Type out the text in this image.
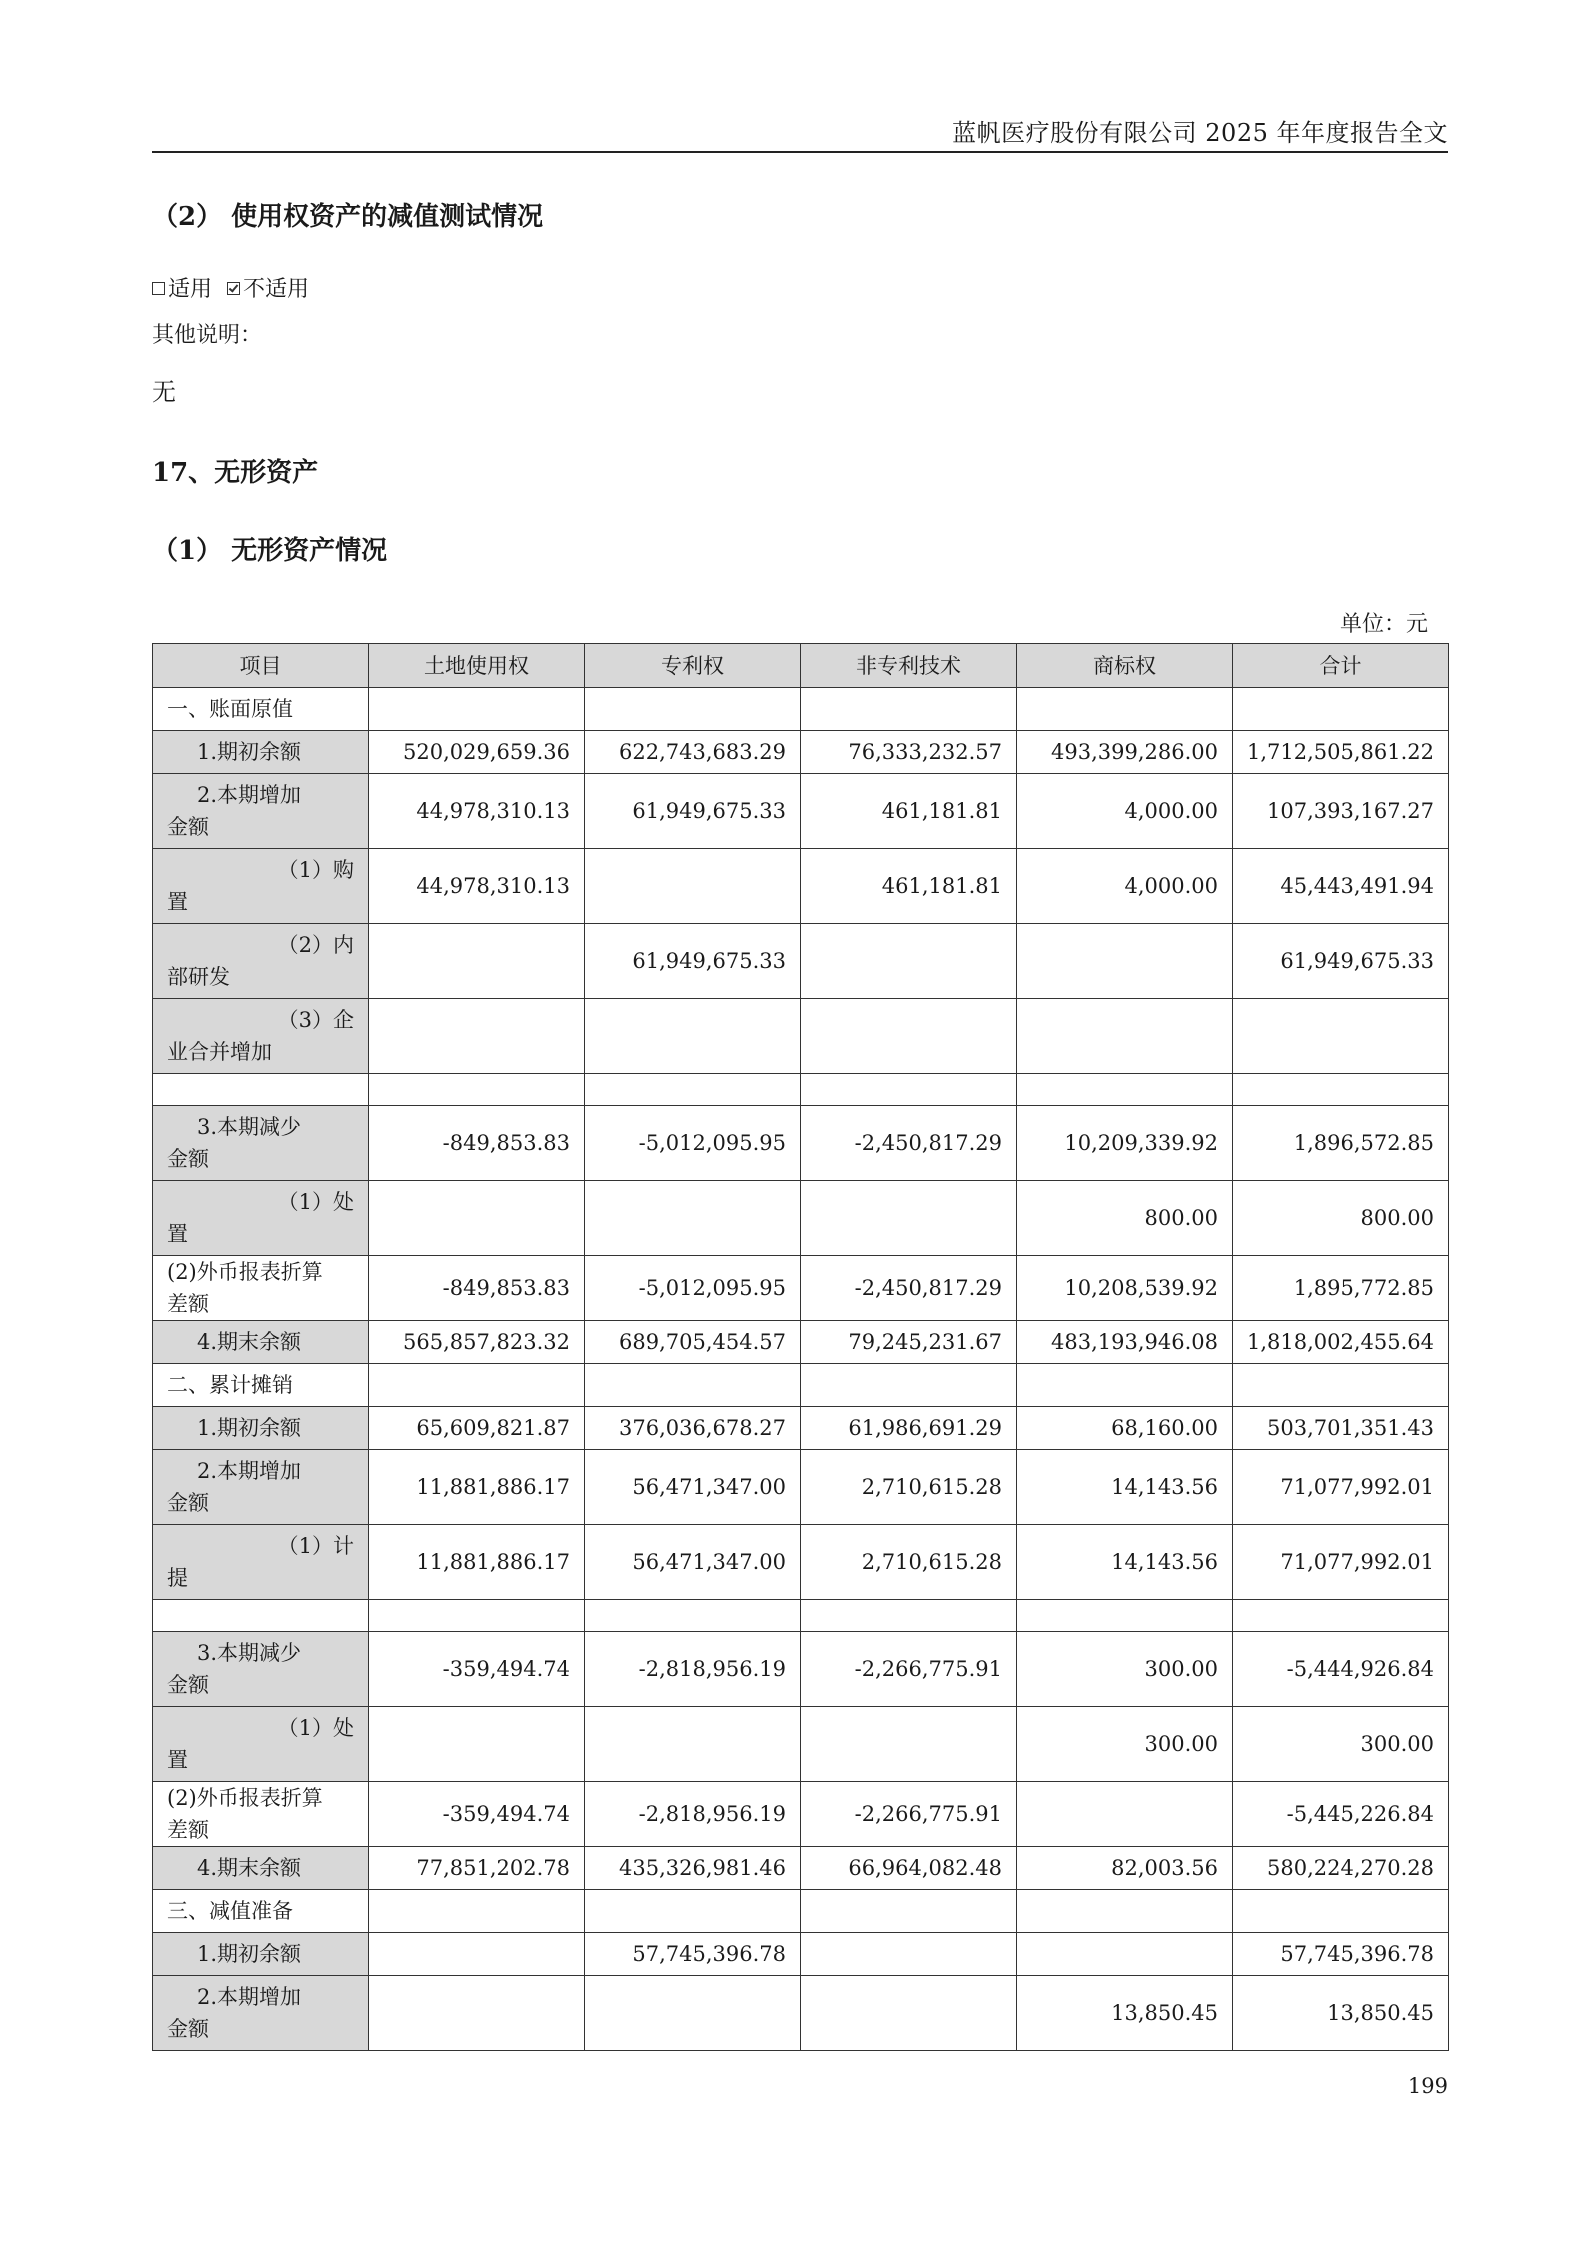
蓝帆医疗股份有限公司 2025 年年度报告全文
（2） 使用权资产的减值测试情况
适用 不适用
其他说明：
无
17、无形资产
（1） 无形资产情况
单位：元
项目	土地使用权	专利权	非专利技术	商标权	合计
一、账面原值					
1.期初余额	520,029,659.36	622,743,683.29	76,333,232.57	493,399,286.00	1,712,505,861.22

2.本期增加
金额	44,978,310.13	61,949,675.33	461,181.81	4,000.00	107,393,167.27

（1）购
置	44,978,310.13		461,181.81	4,000.00	45,443,491.94

（2）内
部研发		61,949,675.33			61,949,675.33

（3）企
业合并增加					

3.本期减少
金额	-849,853.83	-5,012,095.95	-2,450,817.29	10,209,339.92	1,896,572.85

（1）处
置				800.00	800.00

(2)外币报表折算
差额	-849,853.83	-5,012,095.95	-2,450,817.29	10,208,539.92	1,895,772.85
4.期末余额	565,857,823.32	689,705,454.57	79,245,231.67	483,193,946.08	1,818,002,455.64
二、累计摊销					
1.期初余额	65,609,821.87	376,036,678.27	61,986,691.29	68,160.00	503,701,351.43

2.本期增加
金额	11,881,886.17	56,471,347.00	2,710,615.28	14,143.56	71,077,992.01

（1）计
提	11,881,886.17	56,471,347.00	2,710,615.28	14,143.56	71,077,992.01

3.本期减少
金额	-359,494.74	-2,818,956.19	-2,266,775.91	300.00	-5,444,926.84

（1）处
置				300.00	300.00

(2)外币报表折算
差额	-359,494.74	-2,818,956.19	-2,266,775.91		-5,445,226.84
4.期末余额	77,851,202.78	435,326,981.46	66,964,082.48	82,003.56	580,224,270.28
三、减值准备					
1.期初余额		57,745,396.78			57,745,396.78

2.本期增加
金额				13,850.45	13,850.45
199
